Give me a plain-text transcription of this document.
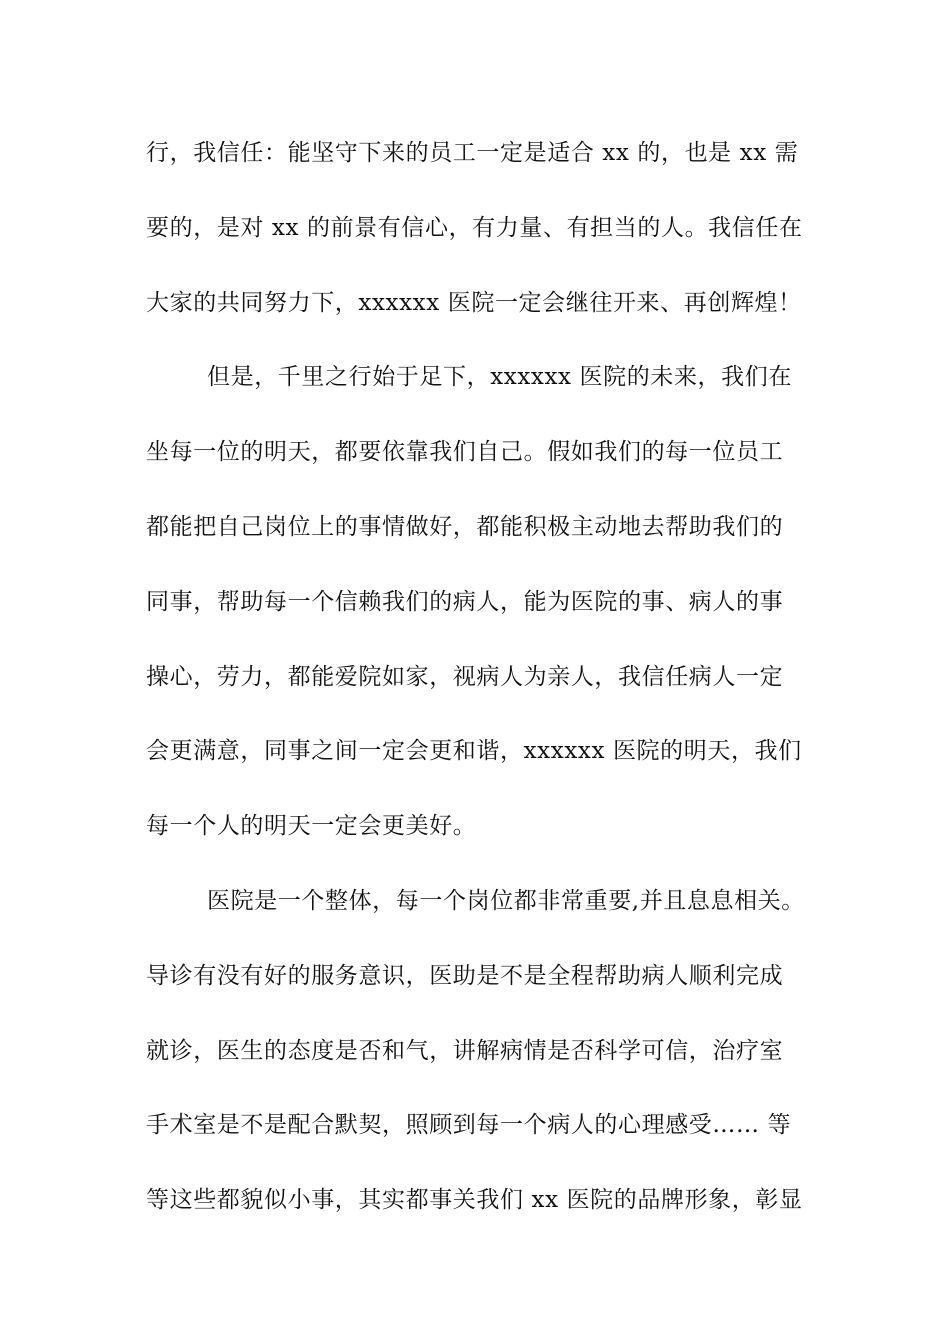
行，我信任：能坚守下来的员工一定是适合 xx 的，也是 xx 需
要的，是对 xx 的前景有信心，有力量、有担当的人。我信任在
大家的共同努力下，xxxxxx 医院一定会继往开来、再创辉煌！
但是，千里之行始于足下，xxxxxx 医院的未来，我们在
坐每一位的明天，都要依靠我们自己。假如我们的每一位员工
都能把自己岗位上的事情做好，都能积极主动地去帮助我们的
同事，帮助每一个信赖我们的病人，能为医院的事、病人的事
操心，劳力，都能爱院如家，视病人为亲人，我信任病人一定
会更满意，同事之间一定会更和谐，xxxxxx 医院的明天，我们
每一个人的明天一定会更美好。
医院是一个整体，每一个岗位都非常重要,并且息息相关。
导诊有没有好的服务意识，医助是不是全程帮助病人顺利完成
就诊，医生的态度是否和气，讲解病情是否科学可信，治疗室
手术室是不是配合默契，照顾到每一个病人的心理感受…… 等
等这些都貌似小事，其实都事关我们 xx 医院的品牌形象，彰显
